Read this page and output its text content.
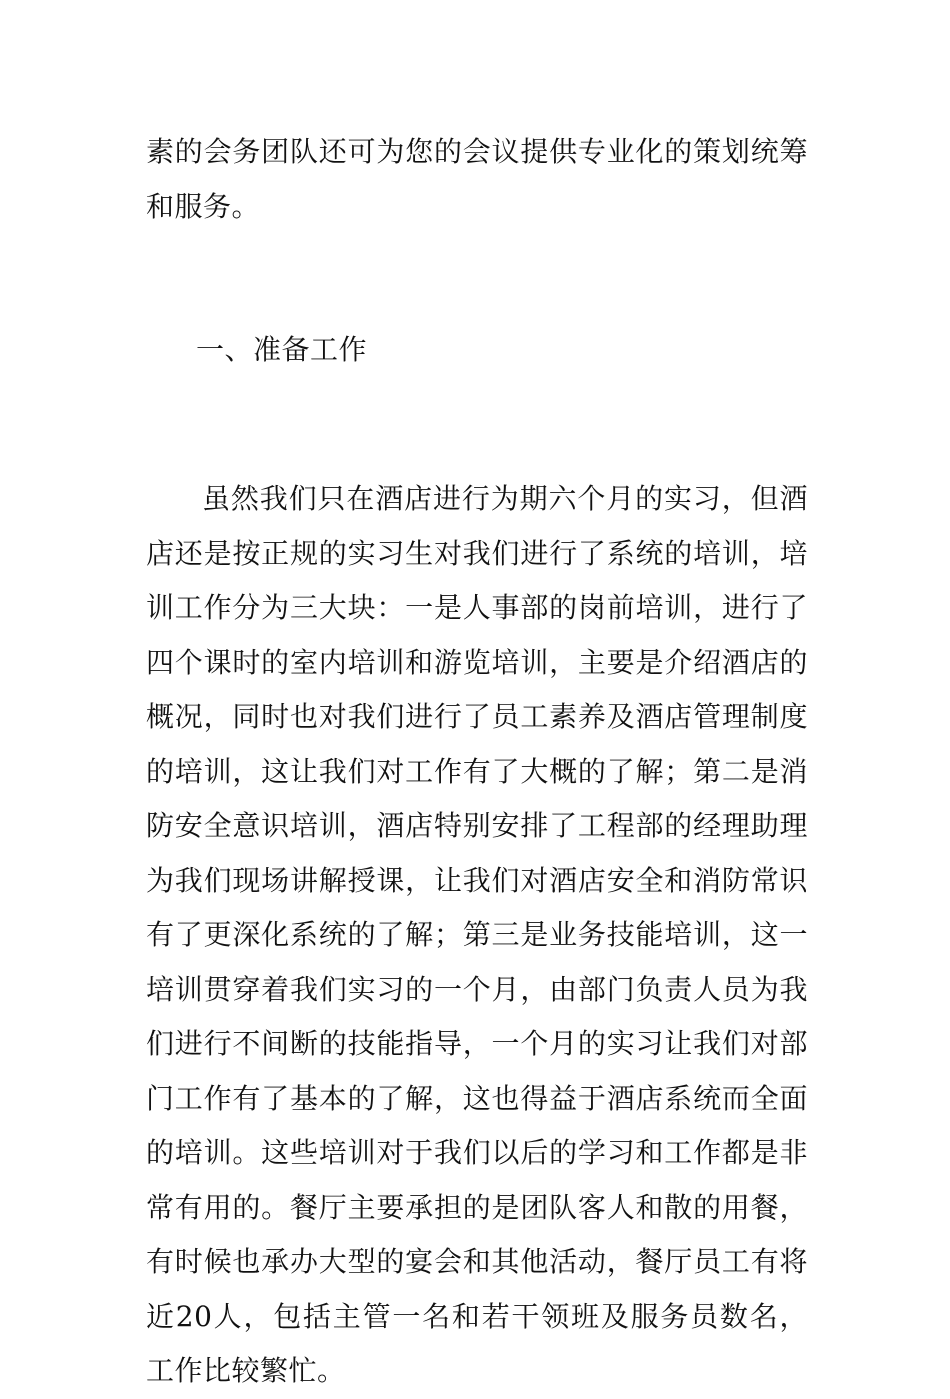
素的会务团队还可为您的会议提供专业化的策划统筹和服务。

一、准备工作

虽然我们只在酒店进行为期六个月的实习，但酒店还是按正规的实习生对我们进行了系统的培训，培训工作分为三大块：一是人事部的岗前培训，进行了四个课时的室内培训和游览培训，主要是介绍酒店的概况，同时也对我们进行了员工素养及酒店管理制度的培训，这让我们对工作有了大概的了解；第二是消防安全意识培训，酒店特别安排了工程部的经理助理为我们现场讲解授课，让我们对酒店安全和消防常识有了更深化系统的了解；第三是业务技能培训，这一培训贯穿着我们实习的一个月，由部门负责人员为我们进行不间断的技能指导，一个月的实习让我们对部门工作有了基本的了解，这也得益于酒店系统而全面的培训。这些培训对于我们以后的学习和工作都是非常有用的。餐厅主要承担的是团队客人和散的用餐，有时候也承办大型的宴会和其他活动，餐厅员工有将近20人，包括主管一名和若干领班及服务员数名，工作比较繁忙。
